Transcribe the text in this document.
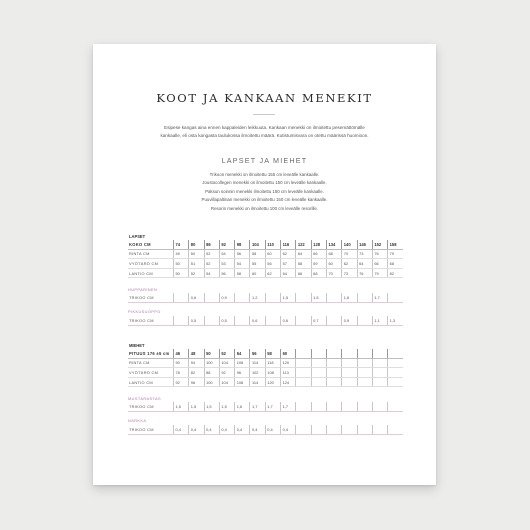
KOOT JA KANKAAN MENEKIT
Esipese kangas aina ennen kappaleiden leikkuuta. Kankaan menekki on ilmoitettu pesemättömälle
kankaalle, eli osta kangasta taulukossa ilmoitettu määrä. Kutistumisvara on otettu määrissä huomioon.
LAPSET JA MIEHET
Trikoon menekki on ilmoitettu 155 cm leveälle kankaalle.
Joustocollegen menekki on ilmoitettu 150 cm leveälle kankaalle.
Paksun soinnin menekki ilmoitettu 150 cm leveälle kankaalle.
Puuvillapaltinan menekki on ilmoitettu 150 cm leveälle kankaalle.
Resorin menekki on ilmoitettu 100 cm leveälle resorille.
LAPSET
KOKO CM	74	80	86	92	98	104	110	116	122	128	134	140	146	152	158
RINTA CM	49	50	52	54	56	58	60	62	64	66	68	70	73	76	79
VYÖTÄRÖ CM	50	51	52	53	54	55	56	57	58	59	60	62	64	66	68
LANTIO CM	50	52	54	56	58	60	62	64	66	68	70	73	76	79	82

HUPPARINEN															
TRIKOO CM		0,6		0,9		1,2		1,5		1,5		1,6		1,7	

PIKKUSUOPPO															
TRIKOO CM		0,5		0,5		0,6		0,6		0,7		0,9		1,1	1,3
MIEHET
PITUUS 176 ±5 cm	46	48	50	52	54	56	58	60							
RINTA CM	90	94	100	104	108	114	118	120							
VYÖTÄRÖ CM	78	82	88	92	96	102	108	113							
LANTIO CM	92	96	100	104	108	114	120	124							

MUSTARASTAS															
TRIKOO CM	1,5	1,5	1,5	1,5	1,6	1,7	1,7	1,7							

NARKKA															
TRIKOO CM	0,4	0,4	0,4	0,4	0,4	0,4	0,4	0,4							
